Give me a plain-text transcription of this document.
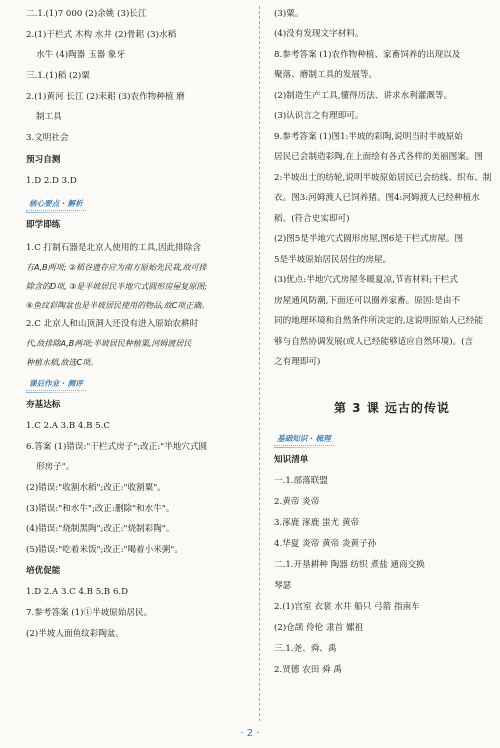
二.1.(1)7 000 (2)余姚 (3)长江
2.(1)干栏式 木构 水井 (2)骨耜 (3)水稻
水牛 (4)陶器 玉器 象牙
三.1.(1)稻 (2)粟
2.(1)黄河 长江 (2)耒耜 (3)农作物种植 磨
制工具
3.文明社会
预习自测
1.D 2.D 3.D
核心要点 · 解析
即学即练
1.C 打制石器是北京人使用的工具,因此排除含
有A,B两项; ②稻谷遗存应为南方原始先民栽,故可排
除含的D项, ③是半坡居民半地穴式圆形房屋复原图;
④鱼纹彩陶盆也是半坡居民使用的物品,故C项正确。
2.C 北京人和山顶洞人还没有进入原始农耕时
代,故排除A,B两项;半坡居民种植粟,河姆渡居民
种植水稻,故选C项。
课后作业 · 测评
夯基达标
1.C 2.A 3.B 4.B 5.C
6.答案 (1)错误:"干栏式房子";改正:"半地穴式圆
形房子"。
(2)错误:"收割水稻";改正:"收割粟"。
(3)错误:"和水牛";改正:删除"和水牛"。
(4)错误:"烧制黑陶";改正:"烧制彩陶"。
(5)错误:"吃着米饭";改正:"喝着小米粥"。
培优促能
1.D 2.A 3.C 4.B 5.B 6.D
7.参考答案 (1)①半坡原始居民。
(2)半坡人面鱼纹彩陶盆。
(3)粟。
(4)没有发现文字材料。
8.参考答案 (1)农作物种植、家畜饲养的出现以及
聚落、磨制工具的发展等。
(2)制造生产工具,懂得历法、讲求水利灌溉等。
(3)认识言之有理即可。
9.参考答案 (1)图1:半坡的彩陶,说明当时半坡原始
居民已会制造彩陶,在上面绘有各式各样的美丽图案。图
2:半坡出土的纺轮,说明半坡原始居民已会纺线、织布、制
衣。图3:河姆渡人已饲养猪。图4:河姆渡人已经种植水
稻。(符合史实即可)
(2)图5是半地穴式圆形房屋,图6是干栏式房屋。图
5是半坡原始居民居住的房屋。
(3)优点:半地穴式房屋冬暖夏凉,节省材料;干栏式
房屋通风防潮,下面还可以圈养家畜。原因:是由不
同的地理环境和自然条件所决定的,这说明原始人已经能
够与自然协调发展(或人已经能够适应自然环境)。(言
之有理即可)
第 3 课 远古的传说
基础知识 · 梳理
知识清单
一.1.部落联盟
2.黄帝 炎帝
3.涿鹿 涿鹿 蚩尤 黄帝
4.华夏 炎帝 黄帝 炎黄子孙
二.1.开垦耕种 陶器 纺织 煮盐 通商交换
琴瑟
2.(1)宫室 衣裳 水井 船只 弓箭 指南车
(2)仓颉 伶伦 隶首 嫘祖
三.1.尧、舜、禹
2.贤德 农田 舜 禹
· 2 ·
